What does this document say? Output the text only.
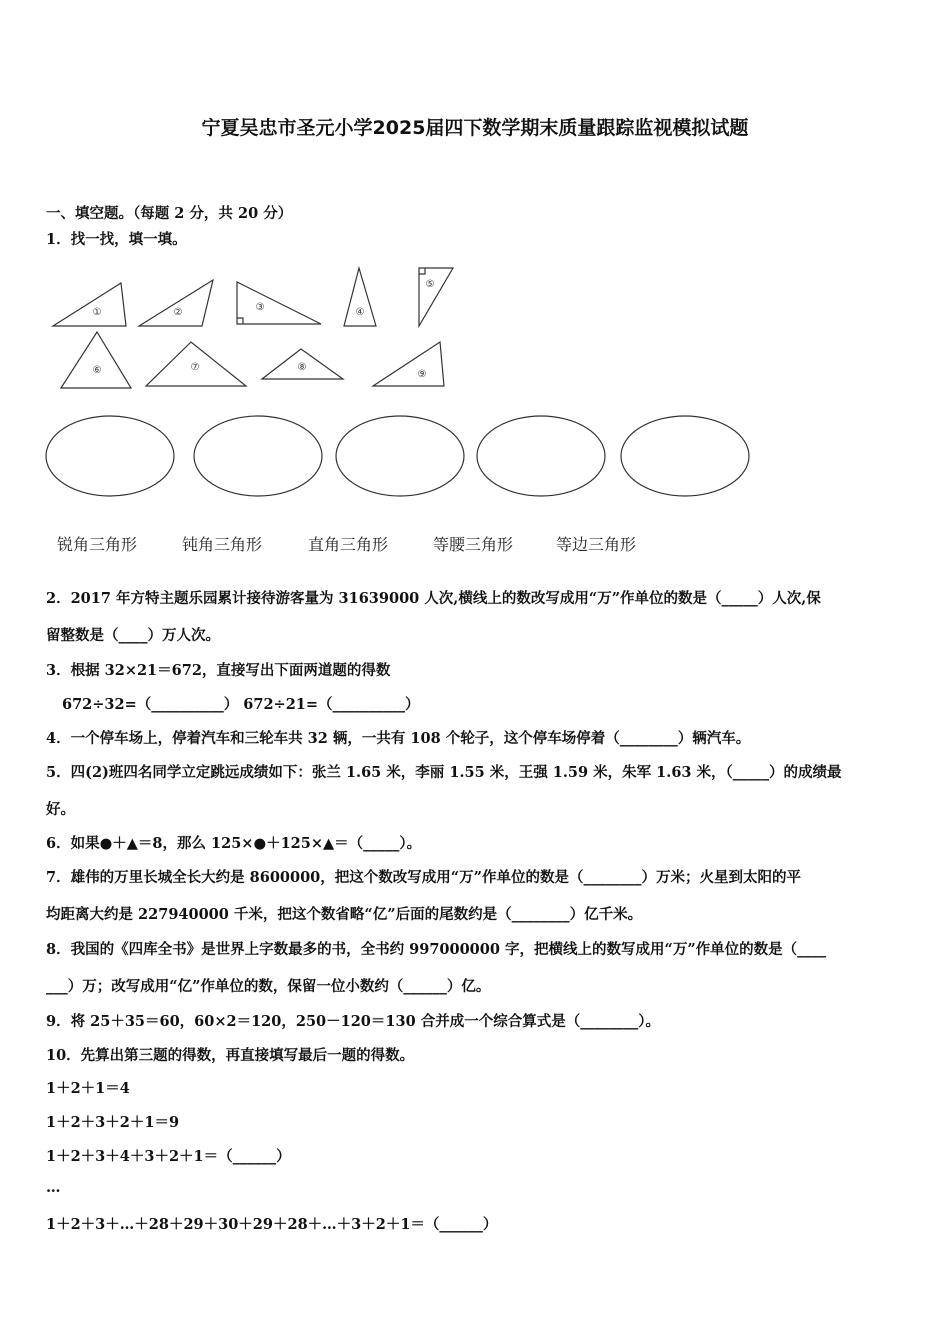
宁夏吴忠市圣元小学2025届四下数学期末质量跟踪监视模拟试题
一、填空题。（每题 2 分，共 20 分）
1．找一找，填一填。
①	②	③	④
⑤
⑥	⑦	⑧
⑨
锐角三角形	钝角三角形	直角三角形	等腰三角形	等边三角形
2．2017 年方特主题乐园累计接待游客量为 31639000 人次,横线上的数改写成用“万”作单位的数是（_____）人次,保
留整数是（____）万人次。
3．根据 32×21＝672，直接写出下面两道题的得数
672÷32=（__________） 672÷21=（__________）
4．一个停车场上，停着汽车和三轮车共 32 辆，一共有 108 个轮子，这个停车场停着（________）辆汽车。
5．四(2)班四名同学立定跳远成绩如下：张兰 1.65 米，李丽 1.55 米，王强 1.59 米，朱军 1.63 米，（_____）的成绩最
好。
6．如果●＋▲＝8，那么 125×●＋125×▲＝（_____）。
7．雄伟的万里长城全长大约是 8600000，把这个数改写成用“万”作单位的数是（________）万米；火星到太阳的平
均距离大约是 227940000 千米，把这个数省略“亿”后面的尾数约是（________）亿千米。
8．我国的《四库全书》是世界上字数最多的书，全书约 997000000 字，把横线上的数写成用“万”作单位的数是（____
___）万；改写成用“亿”作单位的数，保留一位小数约（______）亿。
9．将 25＋35＝60，60×2＝120，250－120＝130 合并成一个综合算式是（________）。
10．先算出第三题的得数，再直接填写最后一题的得数。
1＋2＋1＝4
1＋2＋3＋2＋1＝9
1＋2＋3＋4＋3＋2＋1＝（______）
…
1＋2＋3＋…＋28＋29＋30＋29＋28＋…＋3＋2＋1＝（______）
